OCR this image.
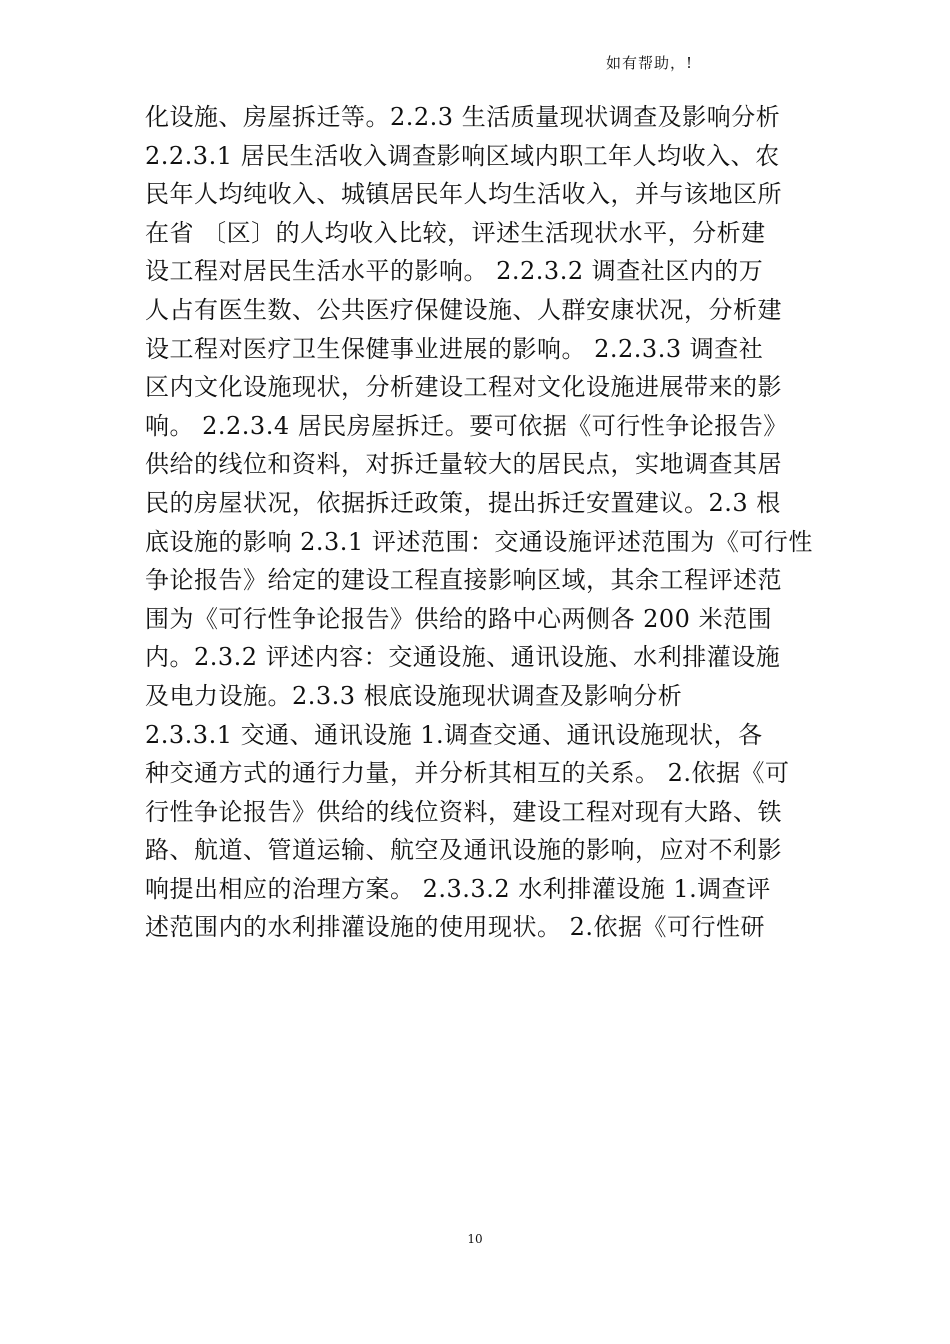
如有帮助，!
化设施、房屋拆迁等。2.2.3 生活质量现状调查及影响分析
2.2.3.1 居民生活收入调查影响区域内职工年人均收入、农
民年人均纯收入、城镇居民年人均生活收入，并与该地区所
在省 〔区〕的人均收入比较，评述生活现状水平，分析建
设工程对居民生活水平的影响。 2.2.3.2 调查社区内的万
人占有医生数、公共医疗保健设施、人群安康状况，分析建
设工程对医疗卫生保健事业进展的影响。 2.2.3.3 调查社
区内文化设施现状，分析建设工程对文化设施进展带来的影
响。 2.2.3.4 居民房屋拆迁。要可依据《可行性争论报告》
供给的线位和资料，对拆迁量较大的居民点，实地调查其居
民的房屋状况，依据拆迁政策，提出拆迁安置建议。2.3 根
底设施的影响 2.3.1 评述范围：交通设施评述范围为《可行性
争论报告》给定的建设工程直接影响区域，其余工程评述范
围为《可行性争论报告》供给的路中心两侧各 200 米范围
内。2.3.2 评述内容：交通设施、通讯设施、水利排灌设施
及电力设施。2.3.3 根底设施现状调查及影响分析
2.3.3.1 交通、通讯设施 1.调查交通、通讯设施现状，各
种交通方式的通行力量，并分析其相互的关系。 2.依据《可
行性争论报告》供给的线位资料，建设工程对现有大路、铁
路、航道、管道运输、航空及通讯设施的影响，应对不利影
响提出相应的治理方案。 2.3.3.2 水利排灌设施 1.调查评
述范围内的水利排灌设施的使用现状。 2.依据《可行性研
10
